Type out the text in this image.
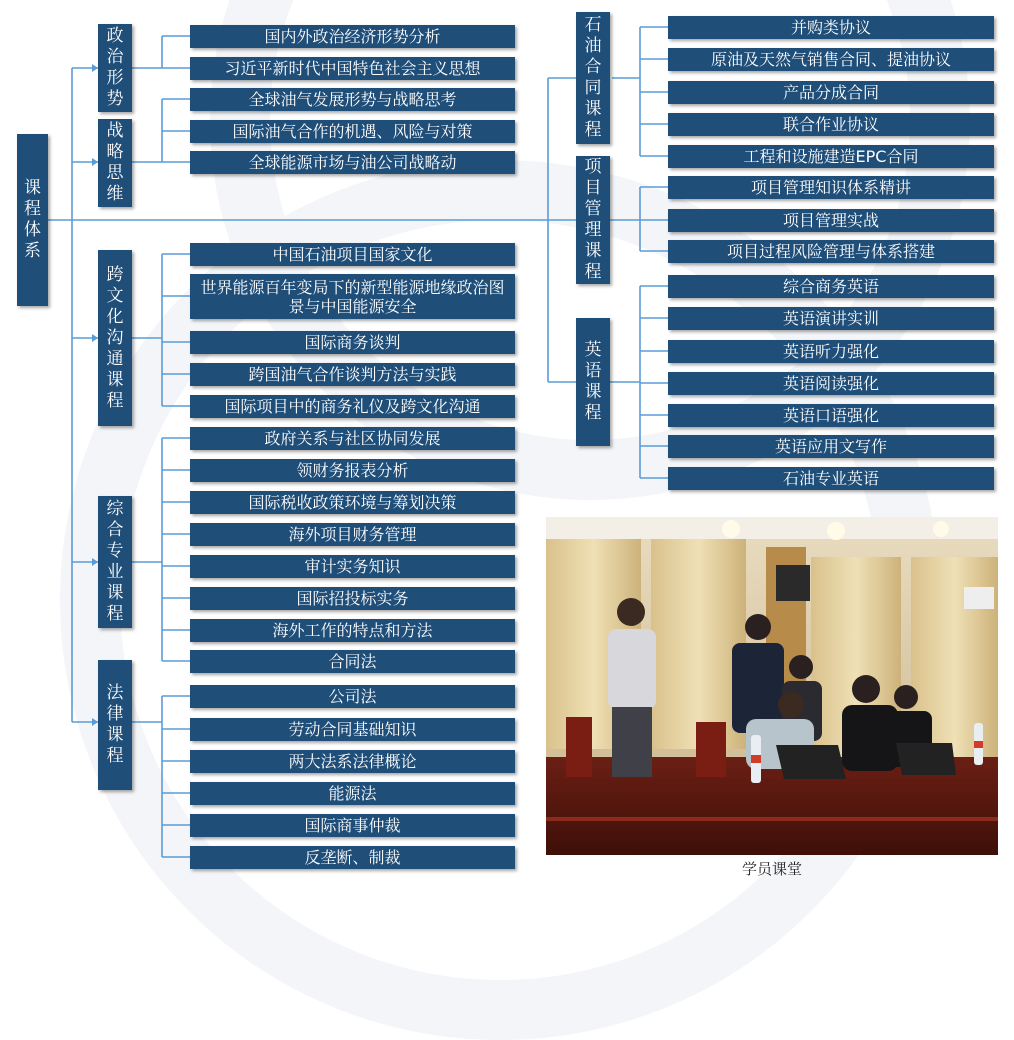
课程体系
政治形势
战略思维
跨文化沟通课程
综合专业课程
法律课程
国内外政治经济形势分析
习近平新时代中国特色社会主义思想
全球油气发展形势与战略思考
国际油气合作的机遇、风险与对策
全球能源市场与油公司战略动
中国石油项目国家文化
世界能源百年变局下的新型能源地缘政治图景与中国能源安全
国际商务谈判
跨国油气合作谈判方法与实践
国际项目中的商务礼仪及跨文化沟通
政府关系与社区协同发展
领财务报表分析
国际税收政策环境与筹划决策
海外项目财务管理
审计实务知识
国际招投标实务
海外工作的特点和方法
合同法
公司法
劳动合同基础知识
两大法系法律概论
能源法
国际商事仲裁
反垄断、制裁
石油合同课程
项目管理课程
英语课程
并购类协议
原油及天然气销售合同、提油协议
产品分成合同
联合作业协议
工程和设施建造EPC合同
项目管理知识体系精讲
项目管理实战
项目过程风险管理与体系搭建
综合商务英语
英语演讲实训
英语听力强化
英语阅读强化
英语口语强化
英语应用文写作
石油专业英语
学员课堂
